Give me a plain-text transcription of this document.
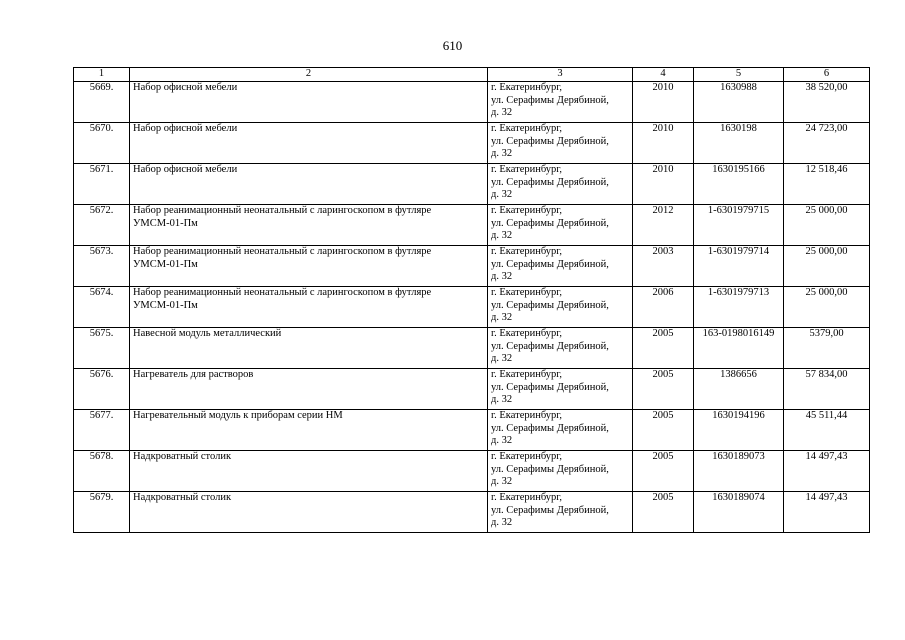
610
1	2	3	4	5	6
5669.	Набор офисной мебели	г. Екатеринбург,
ул. Серафимы Дерябиной,
д. 32	2010	1630988	38 520,00
5670.	Набор офисной мебели	г. Екатеринбург,
ул. Серафимы Дерябиной,
д. 32	2010	1630198	24 723,00
5671.	Набор офисной мебели	г. Екатеринбург,
ул. Серафимы Дерябиной,
д. 32	2010	1630195166	12 518,46
5672.	Набор реанимационный неонатальный с ларингоскопом в футляре УМСМ-01-Пм	г. Екатеринбург,
ул. Серафимы Дерябиной,
д. 32	2012	1-6301979715	25 000,00
5673.	Набор реанимационный неонатальный с ларингоскопом в футляре УМСМ-01-Пм	г. Екатеринбург,
ул. Серафимы Дерябиной,
д. 32	2003	1-6301979714	25 000,00
5674.	Набор реанимационный неонатальный с ларингоскопом в футляре УМСМ-01-Пм	г. Екатеринбург,
ул. Серафимы Дерябиной,
д. 32	2006	1-6301979713	25 000,00
5675.	Навесной модуль металлический	г. Екатеринбург,
ул. Серафимы Дерябиной,
д. 32	2005	163-0198016149	5379,00
5676.	Нагреватель для растворов	г. Екатеринбург,
ул. Серафимы Дерябиной,
д. 32	2005	1386656	57 834,00
5677.	Нагревательный модуль к приборам серии НМ	г. Екатеринбург,
ул. Серафимы Дерябиной,
д. 32	2005	1630194196	45 511,44
5678.	Надкроватный столик	г. Екатеринбург,
ул. Серафимы Дерябиной,
д. 32	2005	1630189073	14 497,43
5679.	Надкроватный столик	г. Екатеринбург,
ул. Серафимы Дерябиной,
д. 32	2005	1630189074	14 497,43
